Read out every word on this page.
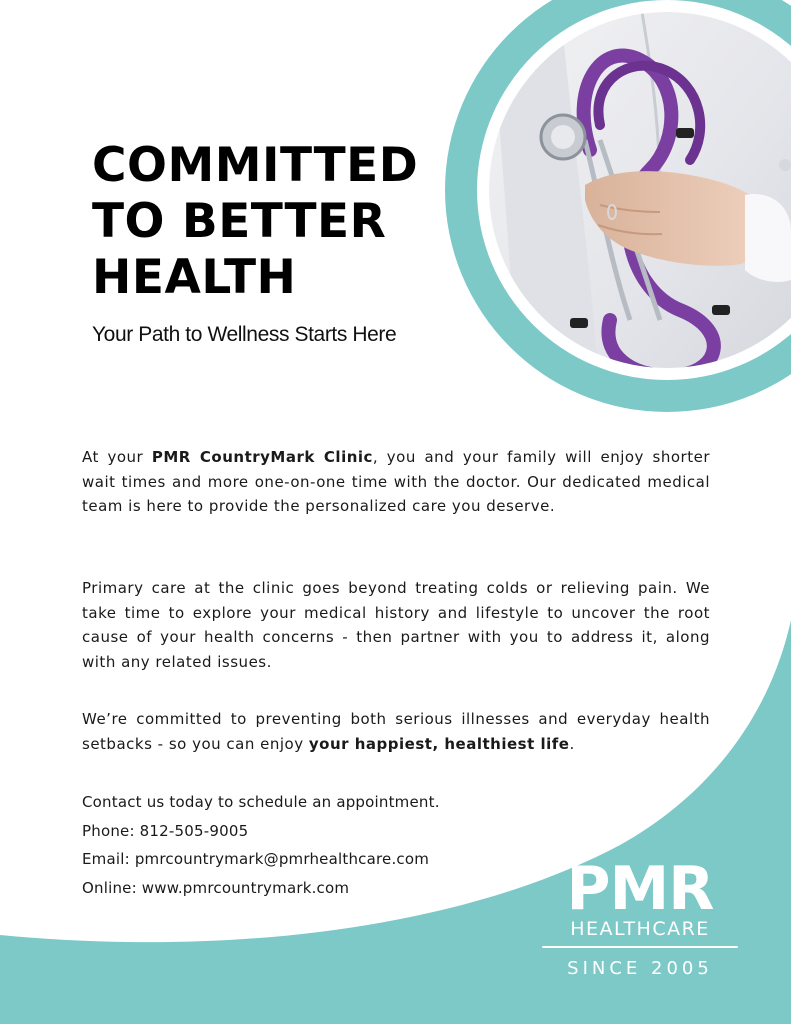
COMMITTED
TO BETTER
HEALTH
Your Path to Wellness Starts Here

At your PMR CountryMark Clinic, you and your family will enjoy shorter wait times and more one-on-one time with the doctor. Our dedicated medical team is here to provide the personalized care you deserve.

Primary care at the clinic goes beyond treating colds or relieving pain. We take time to explore your medical history and lifestyle to uncover the root cause of your health concerns - then partner with you to address it, along with any related issues.

We’re committed to preventing both serious illnesses and everyday health setbacks - so you can enjoy your happiest, healthiest life.

Contact us today to schedule an appointment.
Phone: 812-505-9005
Email: pmrcountrymark@pmrhealthcare.com
Online: www.pmrcountrymark.com	PMR
HEALTHCARE
SINCE 2005
